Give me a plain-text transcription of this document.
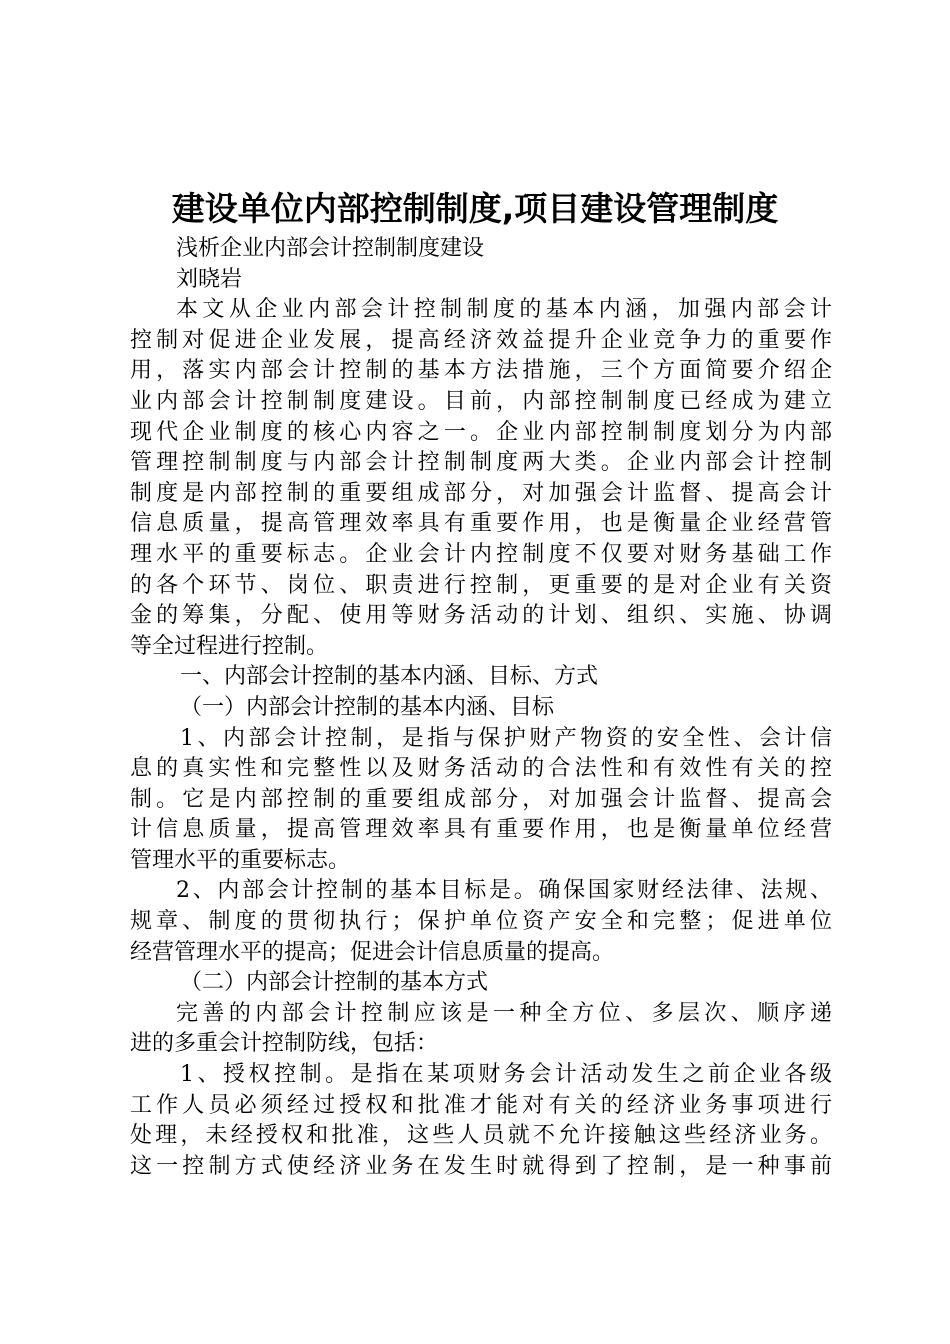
建设单位内部控制制度,项目建设管理制度
浅析企业内部会计控制制度建设
刘晓岩
本文从企业内部会计控制制度的基本内涵，加强内部会计
控制对促进企业发展，提高经济效益提升企业竞争力的重要作
用，落实内部会计控制的基本方法措施，三个方面简要介绍企
业内部会计控制制度建设。目前，内部控制制度已经成为建立
现代企业制度的核心内容之一。企业内部控制制度划分为内部
管理控制制度与内部会计控制制度两大类。企业内部会计控制
制度是内部控制的重要组成部分，对加强会计监督、提高会计
信息质量，提高管理效率具有重要作用，也是衡量企业经营管
理水平的重要标志。企业会计内控制度不仅要对财务基础工作
的各个环节、岗位、职责进行控制，更重要的是对企业有关资
金的筹集，分配、使用等财务活动的计划、组织、实施、协调
等全过程进行控制。
一、内部会计控制的基本内涵、目标、方式
（一）内部会计控制的基本内涵、目标
1、内部会计控制，是指与保护财产物资的安全性、会计信
息的真实性和完整性以及财务活动的合法性和有效性有关的控
制。它是内部控制的重要组成部分，对加强会计监督、提高会
计信息质量，提高管理效率具有重要作用，也是衡量单位经营
管理水平的重要标志。
2、内部会计控制的基本目标是。确保国家财经法律、法规、
规章、制度的贯彻执行；保护单位资产安全和完整；促进单位
经营管理水平的提高；促进会计信息质量的提高。
（二）内部会计控制的基本方式
完善的内部会计控制应该是一种全方位、多层次、顺序递
进的多重会计控制防线，包括：
1、授权控制。是指在某项财务会计活动发生之前企业各级
工作人员必须经过授权和批准才能对有关的经济业务事项进行
处理，未经授权和批准，这些人员就不允许接触这些经济业务。
这一控制方式使经济业务在发生时就得到了控制，是一种事前
